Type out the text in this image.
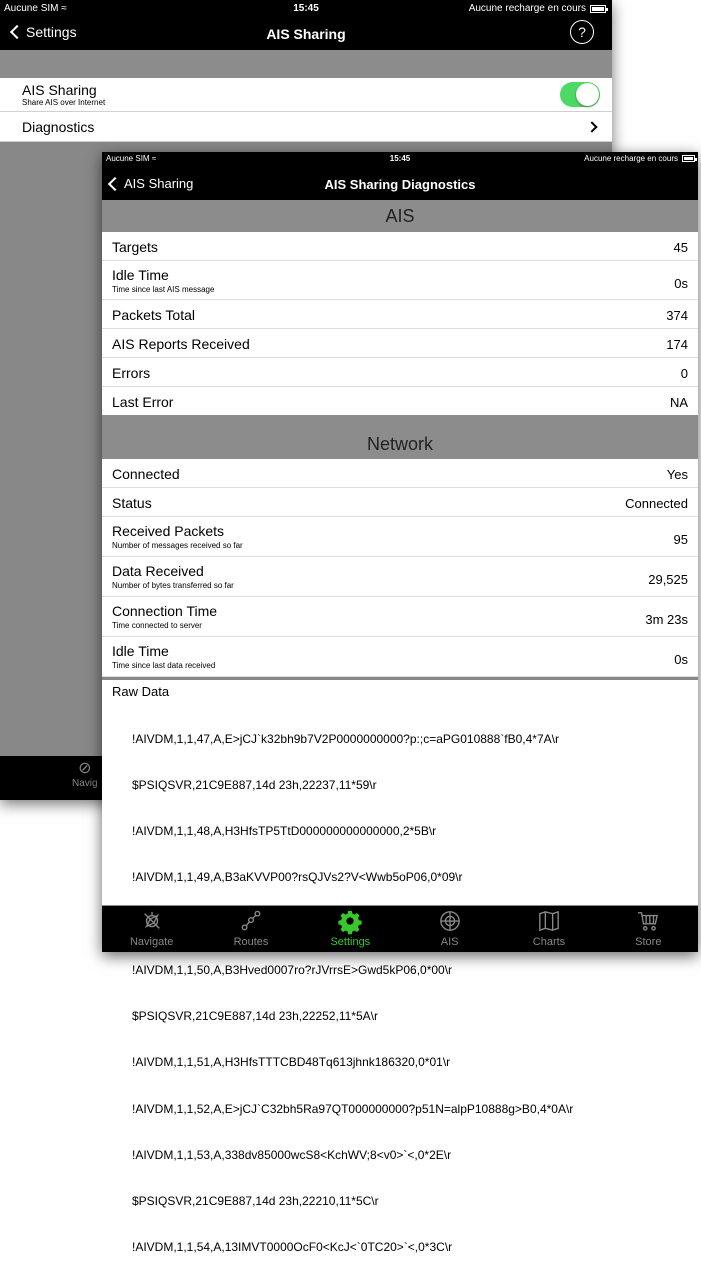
Aucune SIM ≈	15:45	Aucune recharge en cours
Settings	AIS Sharing	?
AIS Sharing
Share AIS over Internet
Diagnostics
⊘
Navig
Aucune SIM ≈	15:45	Aucune recharge en cours
AIS Sharing	AIS Sharing Diagnostics
AIS
Targets	45
Idle Time
Time since last AIS message	0s
Packets Total	374
AIS Reports Received	174
Errors	0
Last Error	NA
Network
Connected	Yes
Status	Connected
Received Packets
Number of messages received so far	95
Data Received
Number of bytes transferred so far	29,525
Connection Time
Time connected to server	3m 23s
Idle Time
Time since last data received	0s
Raw Data

!AIVDM,1,1,47,A,E>jCJ`k32bh9b7V2P0000000000?p:;c=aPG010888`fB0,4*7A\r

$PSIQSVR,21C9E887,14d 23h,22237,11*59\r

!AIVDM,1,1,48,A,H3HfsTP5TtD000000000000000,2*5B\r

!AIVDM,1,1,49,A,B3aKVVP00?rsQJVs2?V<Wwb5oP06,0*09\r

!AIVDM,1,1,50,A,B3Hved0007ro?rJVrrsE>Gwd5kP06,0*00\r

$PSIQSVR,21C9E887,14d 23h,22252,11*5A\r

!AIVDM,1,1,51,A,H3HfsTTTCBD48Tq613jhnk186320,0*01\r

!AIVDM,1,1,52,A,E>jCJ`C32bh5Ra97QT000000000?p51N=alpP10888g>B0,4*0A\r

!AIVDM,1,1,53,A,338dv85000wcS8<KchWV;8<v0>`<,0*2E\r

$PSIQSVR,21C9E887,14d 23h,22210,11*5C\r

!AIVDM,1,1,54,A,13IMVT0000OcF0<KcJ<`0TC20>`<,0*3C\r

Navigate	Routes	Settings	AIS	Charts	Store
